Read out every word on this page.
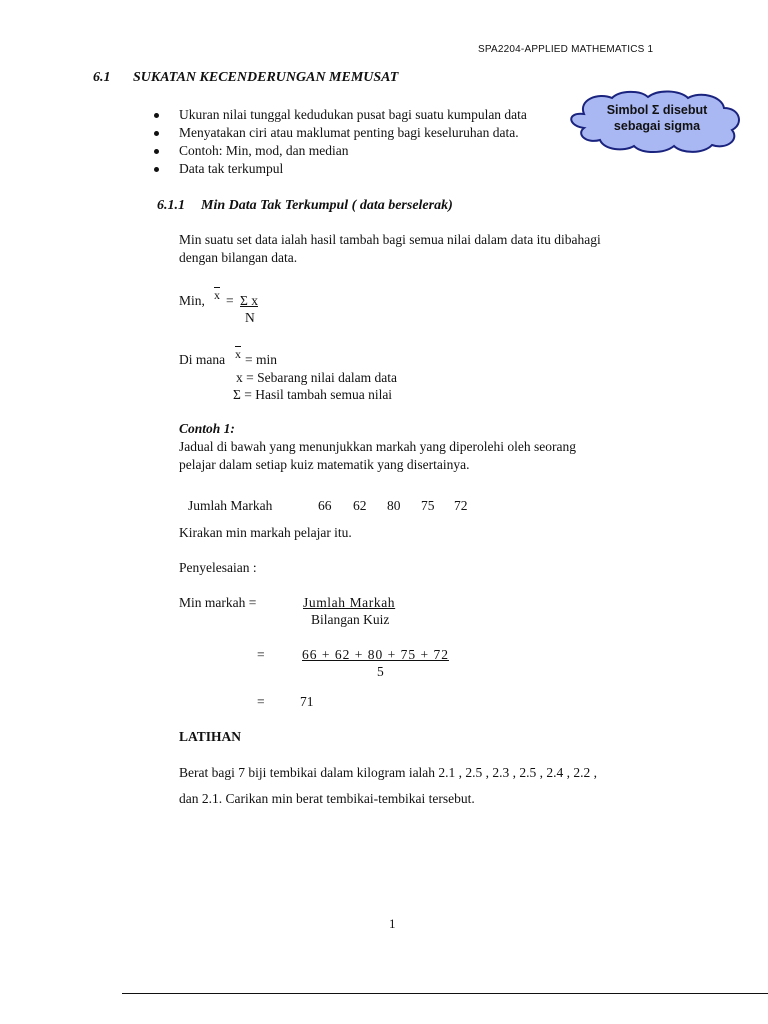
SPA2204-APPLIED MATHEMATICS 1
6.1 SUKATAN KECENDERUNGAN MEMUSAT
Ukuran nilai tunggal kedudukan pusat bagi suatu kumpulan data
Menyatakan ciri atau maklumat penting bagi keseluruhan data.
Contoh: Min, mod, dan median
Data tak terkumpul
Simbol Σ disebut
sebagai sigma
6.1.1 Min Data Tak Terkumpul ( data berselerak)
Min suatu set data ialah hasil tambah bagi semua nilai dalam data itu dibahagi
dengan bilangan data.
Min, $\overline{x} = \Sigma$ x
N
Di mana $\overline{x} = \min$
x = Sebarang nilai dalam data
Σ = Hasil tambah semua nilai
Contoh 1:
Jadual di bawah yang menunjukkan markah yang diperolehi oleh seorang
pelajar dalam setiap kuiz matematik yang disertainya.
Jumlah Markah	66 62 80 75 72
Kirakan min markah pelajar itu.
Penyelesaian :
Min markah =	Jumlah Markah
Bilangan Kuiz
=	66 + 62 + 80 + 75 + 72
5
=	71
LATIHAN
Berat bagi 7 biji tembikai dalam kilogram ialah 2.1 , 2.5 , 2.3 , 2.5 , 2.4 , 2.2 ,
dan 2.1. Carikan min berat tembikai-tembikai tersebut.
1
